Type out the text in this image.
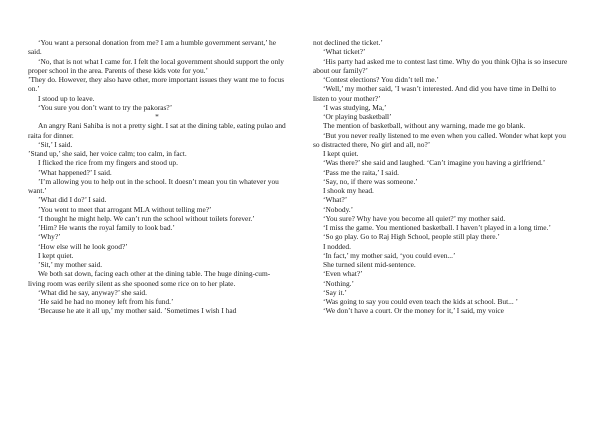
‘You want a personal donation from me? I am a humble government servant,’ he said.

‘No, that is not what I came for. I felt the local government should support the only proper school in the area. Parents of these kids vote for you.’

’They do. However, they also have other, more important issues they want me to focus on.’

I stood up to leave.

‘You sure you don’t want to try the pakoras?’

*

An angry Rani Sahiba is not a pretty sight. I sat at the dining table, eating pulao and raita for dinner.

‘Sit,’ I said.

’Stand up,’ she said, her voice calm; too calm, in fact.

I flicked the rice from my fingers and stood up.

’What happened?’ I said.

’I’m allowing you to help out in the school. It doesn’t mean you tin whatever you want.’

’What did I do?’ I said.

’You went to meet that arrogant MLA without telling me?’

‘I thought he might help. We can’t run the school without toilets forever.’

’Him? He wants the royal family to look bad.’

‘Why?’

‘How else will he look good?’

I kept quiet.

’Sit,’ my mother said.

We both sat down, facing each other at the dining table. The huge dining-cum-living room was eerily silent as she spooned some rice on to her plate.

‘What did he say, anyway?’ she said.

‘He said he had no money left from his fund.’

‘Because he ate it all up,’ my mother said. ’Sometimes I wish I had

not declined the ticket.’

‘What ticket?’

‘His party had asked me to contest last time. Why do you think Ojha is so insecure about our family?’

‘Contest elections? You didn’t tell me.’

‘Well,’ my mother said, ’I wasn’t interested. And did you have time in Delhi to listen to your mother?’

‘I was studying, Ma,’

‘Or playing basketball’

The mention of basketball, without any warning, made me go blank.

‘But you never really listened to me even when you called. Wonder what kept you so distracted there, No girl and all, no?’

I kept quiet.

‘Was there?’ she said and laughed. ‘Can’t imagine you having a girlfriend.’

‘Pass me the raita,’ I said.

‘Say, no, if there was someone.’

I shook my head.

‘What?’

‘Nobody.’

‘You sure? Why have you become all quiet?’ my mother said.

‘I miss the game. You mentioned basketball. I haven’t played in a long time.’

‘So go play. Go to Raj High School, people still play there.’

I nodded.

‘In fact,’ my mother said, ‘you could even...’

She turned silent mid-sentence.

‘Even what?’

‘Nothing.’

‘Say it.’

‘Was going to say you could even teach the kids at school. But... ’

‘We don’t have a court. Or the money for it,’ I said, my voice
